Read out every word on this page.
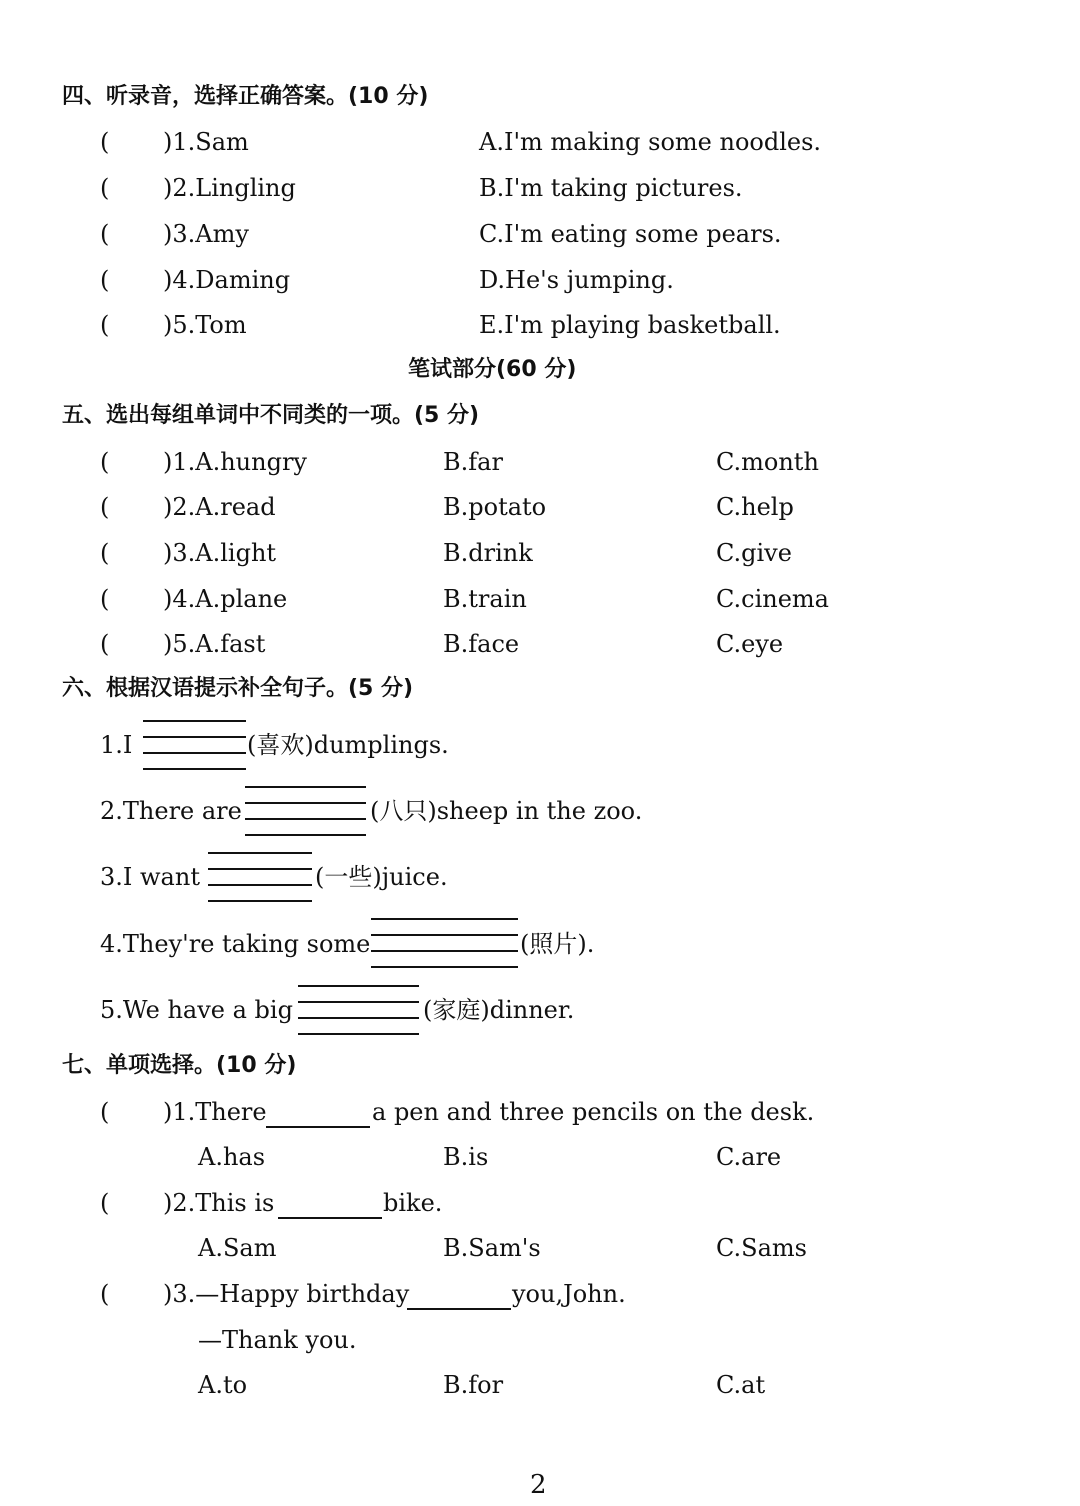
四、听录音，选择正确答案。(10 分)
( )1.Sam	A.I'm making some noodles.
( )2.Lingling	B.I'm taking pictures.
( )3.Amy	C.I'm eating some pears.
( )4.Daming	D.He's jumping.
( )5.Tom	E.I'm playing basketball.
笔试部分(60 分)
五、选出每组单词中不同类的一项。(5 分)
( )1.A.hungry	B.far	C.month
( )2.A.read	B.potato	C.help
( )3.A.light	B.drink	C.give
( )4.A.plane	B.train	C.cinema
( )5.A.fast	B.face	C.eye
六、根据汉语提示补全句子。(5 分)
1.I	(喜欢)dumplings.
2.There are	(八只)sheep in the zoo.
3.I want	(一些)juice.
4.They're taking some	(照片).
5.We have a big	(家庭)dinner.
七、单项选择。(10 分)
( )1.There	a pen and three pencils on the desk.
A.has	B.is	C.are
( )2.This is	bike.
A.Sam	B.Sam's	C.Sams
( )3.—Happy birthday	you,John.
—Thank you.
A.to	B.for	C.at
2
